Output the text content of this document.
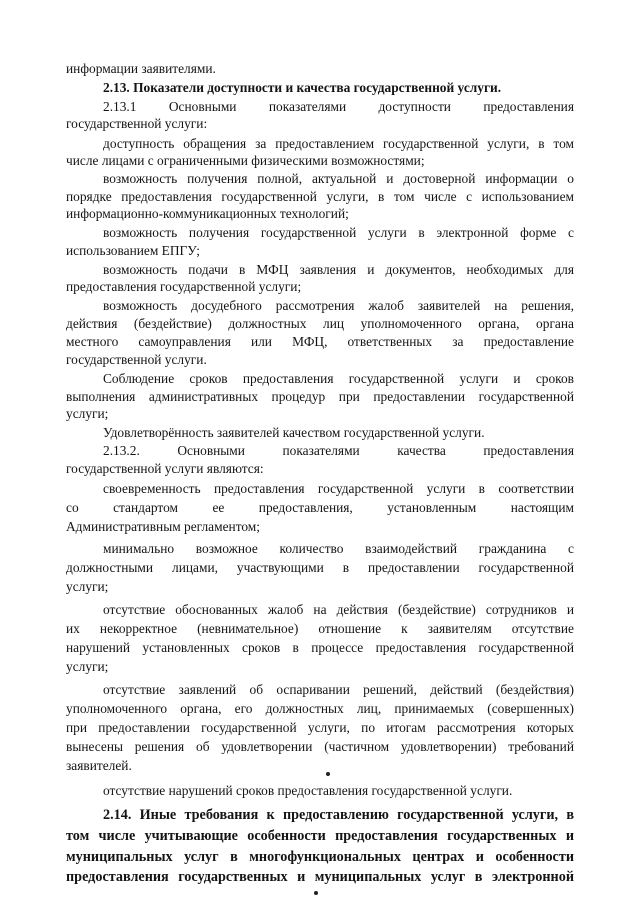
информации заявителями.
2.13. Показатели доступности и качества государственной услуги.
2.13.1 Основными показателями доступности предоставления
государственной услуги:
доступность обращения за предоставлением государственной услуги, в том
числе лицами с ограниченными физическими возможностями;
возможность получения полной, актуальной и достоверной информации о
порядке предоставления государственной услуги, в том числе с использованием
информационно-коммуникационных технологий;
возможность получения государственной услуги в электронной форме с
использованием ЕПГУ;
возможность подачи в МФЦ заявления и документов, необходимых для
предоставления государственной услуги;
возможность досудебного рассмотрения жалоб заявителей на решения,
действия (бездействие) должностных лиц уполномоченного органа, органа
местного самоуправления или МФЦ, ответственных за предоставление
государственной услуги.
Соблюдение сроков предоставления государственной услуги и сроков
выполнения административных процедур при предоставлении государственной
услуги;
Удовлетворённость заявителей качеством государственной услуги.
2.13.2. Основными показателями качества предоставления
государственной услуги являются:
своевременность предоставления государственной услуги в соответствии
со стандартом ее предоставления, установленным настоящим
Административным регламентом;
минимально возможное количество взаимодействий гражданина с
должностными лицами, участвующими в предоставлении государственной
услуги;
отсутствие обоснованных жалоб на действия (бездействие) сотрудников и
их некорректное (невнимательное) отношение к заявителям отсутствие
нарушений установленных сроков в процессе предоставления государственной
услуги;
отсутствие заявлений об оспаривании решений, действий (бездействия)
уполномоченного органа, его должностных лиц, принимаемых (совершенных)
при предоставлении государственной услуги, по итогам рассмотрения которых
вынесены решения об удовлетворении (частичном удовлетворении) требований
заявителей.
отсутствие нарушений сроков предоставления государственной услуги.
2.14. Иные требования к предоставлению государственной услуги, в
том числе учитывающие особенности предоставления государственных и
муниципальных услуг в многофункциональных центрах и особенности
предоставления государственных и муниципальных услуг в электронной
